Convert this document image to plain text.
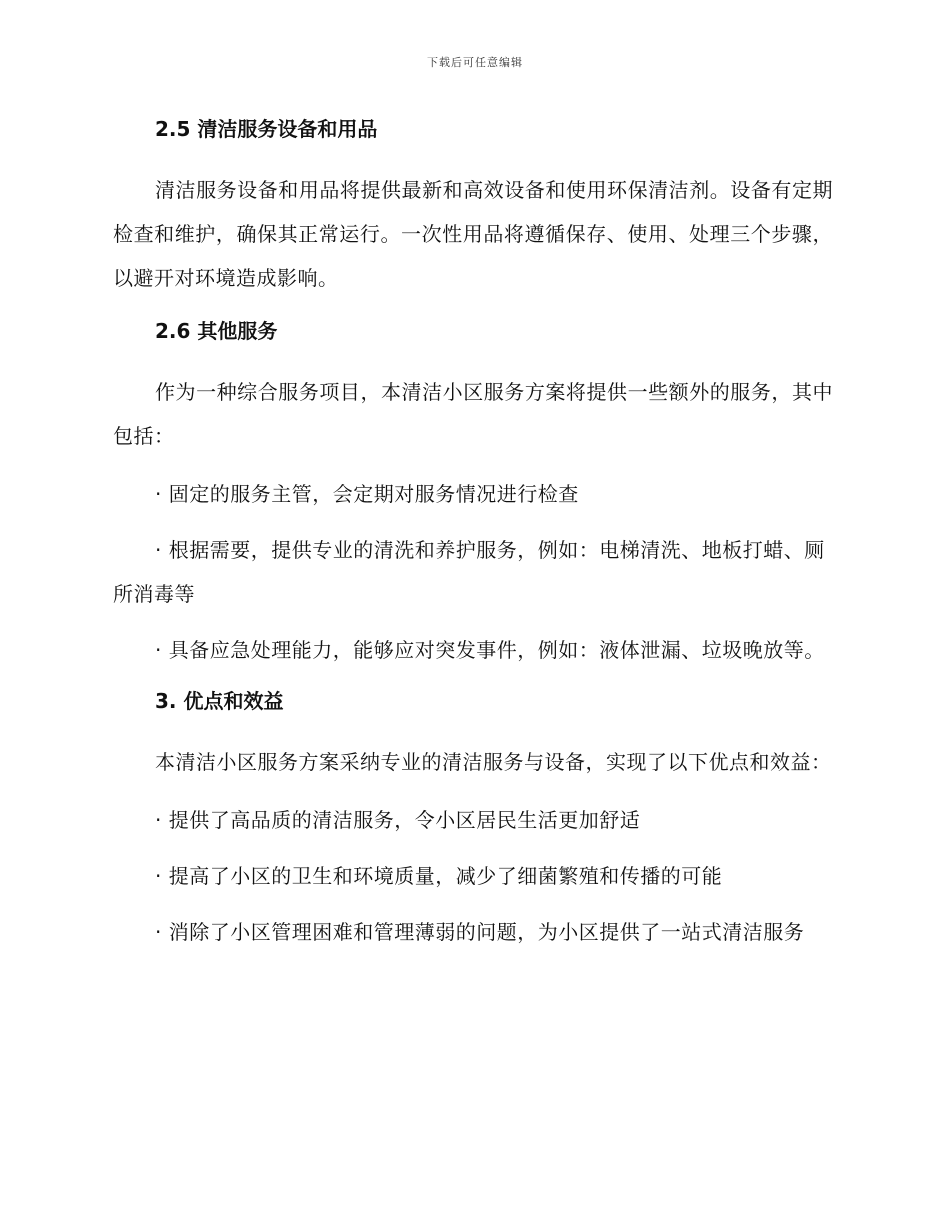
下载后可任意编辑
2.5 清洁服务设备和用品
清洁服务设备和用品将提供最新和高效设备和使用环保清洁剂。设备有定期检查和维护，确保其正常运行。一次性用品将遵循保存、使用、处理三个步骤，以避开对环境造成影响。
2.6 其他服务
作为一种综合服务项目，本清洁小区服务方案将提供一些额外的服务，其中包括：
· 固定的服务主管，会定期对服务情况进行检查
· 根据需要，提供专业的清洗和养护服务，例如：电梯清洗、地板打蜡、厕所消毒等
· 具备应急处理能力，能够应对突发事件，例如：液体泄漏、垃圾晚放等。
3. 优点和效益
本清洁小区服务方案采纳专业的清洁服务与设备，实现了以下优点和效益：
· 提供了高品质的清洁服务，令小区居民生活更加舒适
· 提高了小区的卫生和环境质量，减少了细菌繁殖和传播的可能
· 消除了小区管理困难和管理薄弱的问题，为小区提供了一站式清洁服务
